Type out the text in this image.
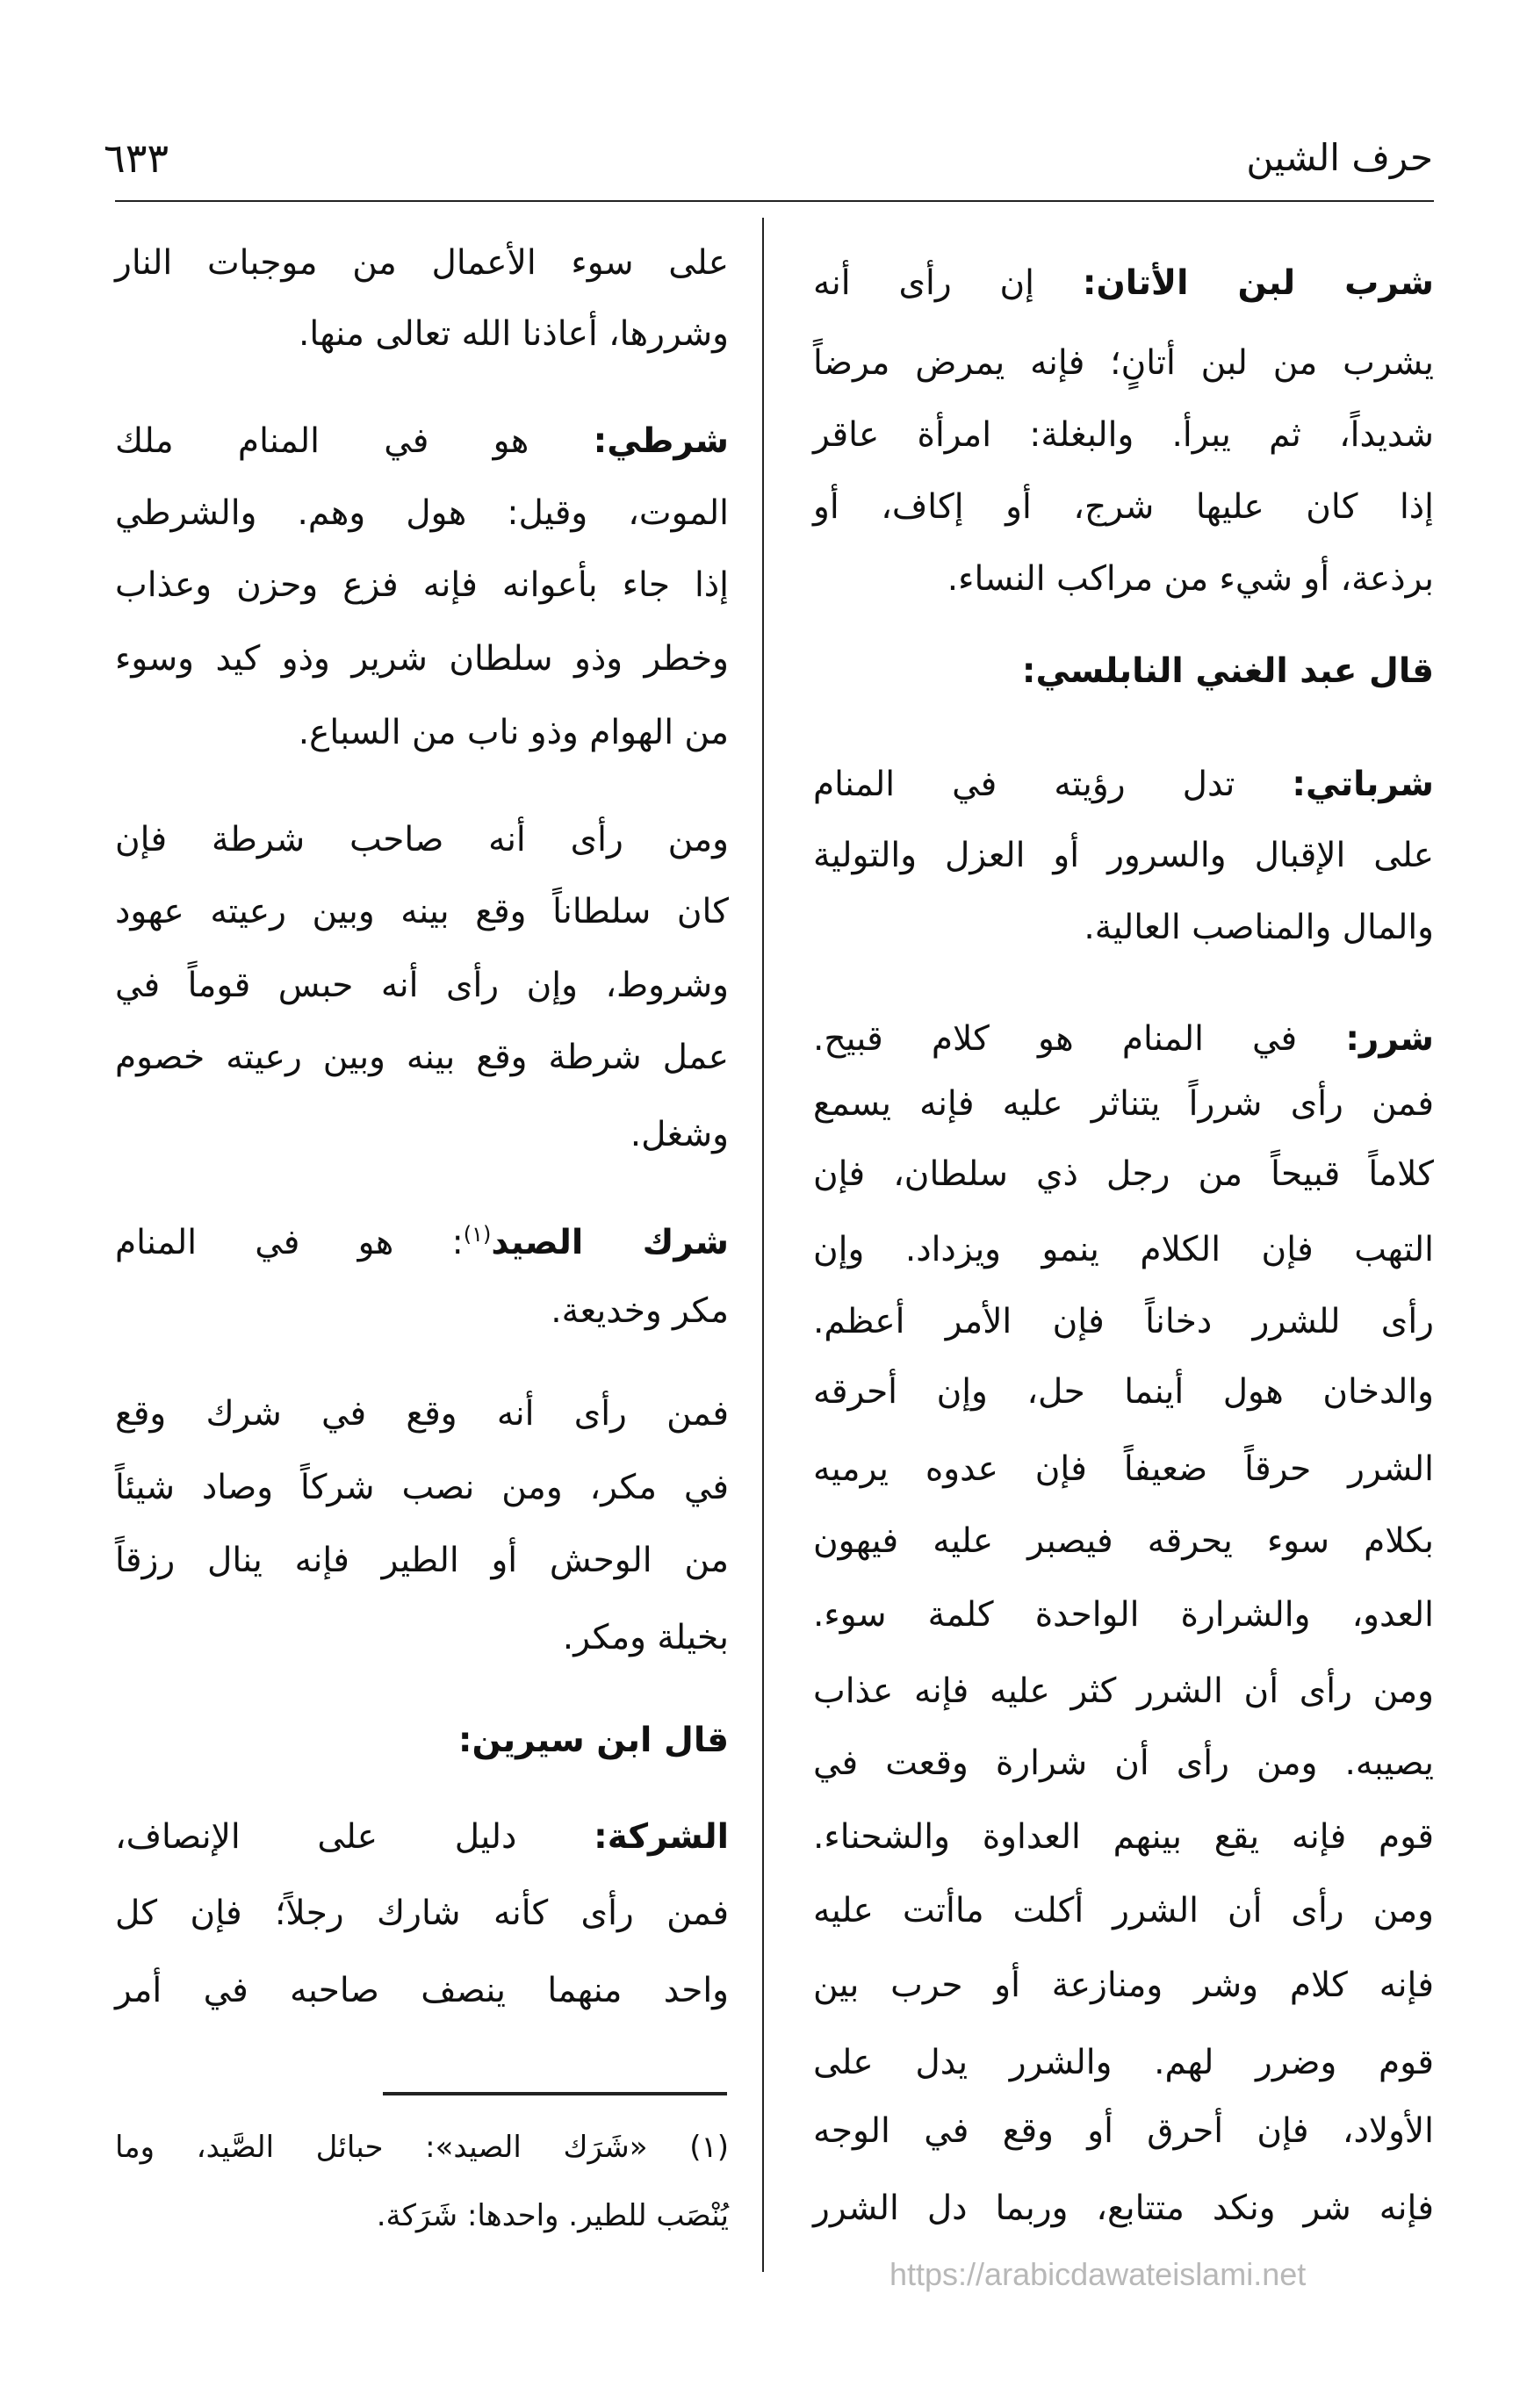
حرف الشين
٦٣٣
شرب لبن الأتان: إن رأى أنه
يشرب من لبن أتانٍ؛ فإنه يمرض مرضاً
شديداً، ثم يبرأ. والبغلة: امرأة عاقر
إذا كان عليها شرج، أو إكاف، أو
برذعة، أو شيء من مراكب النساء.
قال عبد الغني النابلسي:
شرباتي: تدل رؤيته في المنام
على الإقبال والسرور أو العزل والتولية
والمال والمناصب العالية.
شرر: في المنام هو كلام قبيح.
فمن رأى شرراً يتناثر عليه فإنه يسمع
كلاماً قبيحاً من رجل ذي سلطان، فإن
التهب فإن الكلام ينمو ويزداد. وإن
رأى للشرر دخاناً فإن الأمر أعظم.
والدخان هول أينما حل، وإن أحرقه
الشرر حرقاً ضعيفاً فإن عدوه يرميه
بكلام سوء يحرقه فيصبر عليه فيهون
العدو، والشرارة الواحدة كلمة سوء.
ومن رأى أن الشرر كثر عليه فإنه عذاب
يصيبه. ومن رأى أن شرارة وقعت في
قوم فإنه يقع بينهم العداوة والشحناء.
ومن رأى أن الشرر أكلت ماأتت عليه
فإنه كلام وشر ومنازعة أو حرب بين
قوم وضرر لهم. والشرر يدل على
الأولاد، فإن أحرق أو وقع في الوجه
فإنه شر ونكد متتابع، وربما دل الشرر
على سوء الأعمال من موجبات النار
وشررها، أعاذنا الله تعالى منها.
شرطي: هو في المنام ملك
الموت، وقيل: هول وهم. والشرطي
إذا جاء بأعوانه فإنه فزع وحزن وعذاب
وخطر وذو سلطان شرير وذو كيد وسوء
من الهوام وذو ناب من السباع.
ومن رأى أنه صاحب شرطة فإن
كان سلطاناً وقع بينه وبين رعيته عهود
وشروط، وإن رأى أنه حبس قوماً في
عمل شرطة وقع بينه وبين رعيته خصوم
وشغل.
شرك الصيد$^{(١)}$: هو في المنام
مكر وخديعة.
فمن رأى أنه وقع في شرك وقع
في مكر، ومن نصب شركاً وصاد شيئاً
من الوحش أو الطير فإنه ينال رزقاً
بخيلة ومكر.
قال ابن سيرين:
الشركة: دليل على الإنصاف،
فمن رأى كأنه شارك رجلاً؛ فإن كل
واحد منهما ينصف صاحبه في أمر
(١) «شَرَك الصيد»: حبائل الصَّيد، وما
يُنْصَب للطير. واحدها: شَرَكة.
https://arabicdawateislami.net
